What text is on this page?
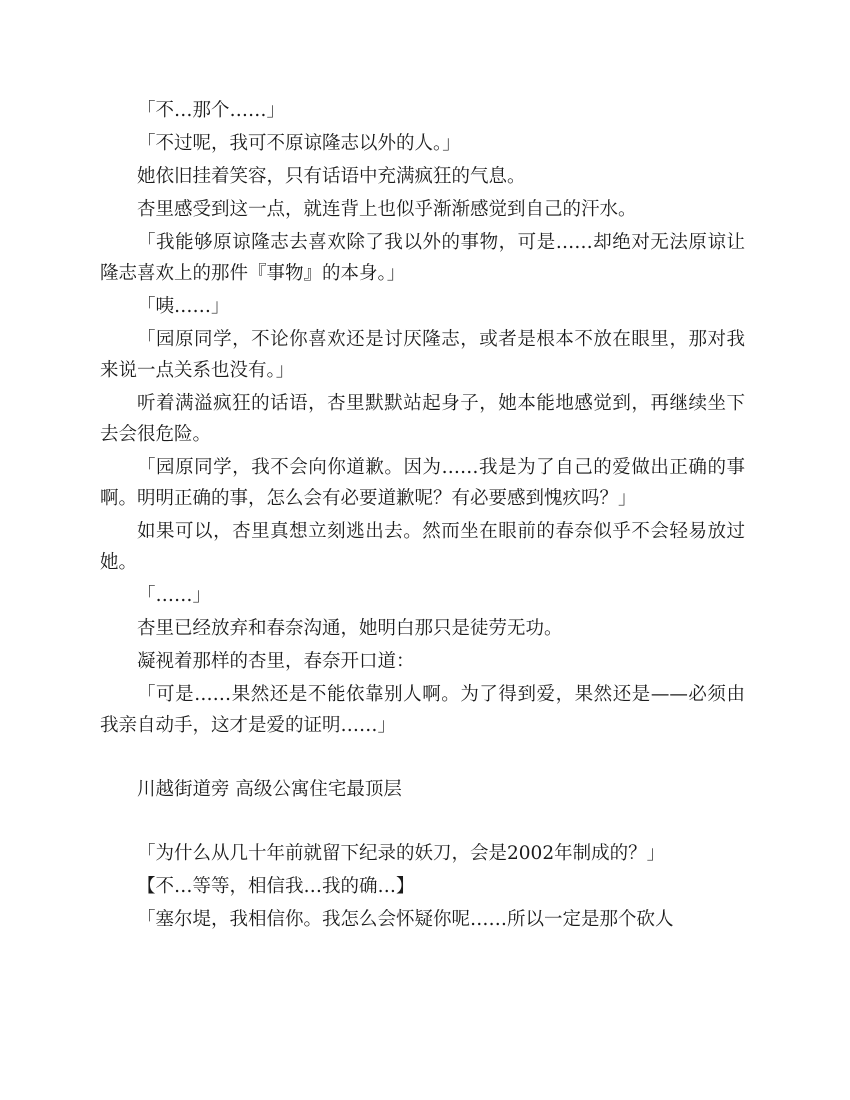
「不…那个……」

「不过呢，我可不原谅隆志以外的人。」

她依旧挂着笑容，只有话语中充满疯狂的气息。

杏里感受到这一点，就连背上也似乎渐渐感觉到自己的汗水。

「我能够原谅隆志去喜欢除了我以外的事物，可是……却绝对无法原谅让隆志喜欢上的那件『事物』的本身。」

「咦……」

「园原同学，不论你喜欢还是讨厌隆志，或者是根本不放在眼里，那对我来说一点关系也没有。」

听着满溢疯狂的话语，杏里默默站起身子，她本能地感觉到，再继续坐下去会很危险。

「园原同学，我不会向你道歉。因为……我是为了自己的爱做出正确的事啊。明明正确的事，怎么会有必要道歉呢？有必要感到愧疚吗？」

如果可以，杏里真想立刻逃出去。然而坐在眼前的春奈似乎不会轻易放过她。

「……」

杏里已经放弃和春奈沟通，她明白那只是徒劳无功。

凝视着那样的杏里，春奈开口道：

「可是……果然还是不能依靠别人啊。为了得到爱，果然还是——必须由我亲自动手，这才是爱的证明……」

川越街道旁 高级公寓住宅最顶层

「为什么从几十年前就留下纪录的妖刀，会是2002年制成的？」

【不…等等，相信我…我的确…】

「塞尔堤，我相信你。我怎么会怀疑你呢……所以一定是那个砍人
